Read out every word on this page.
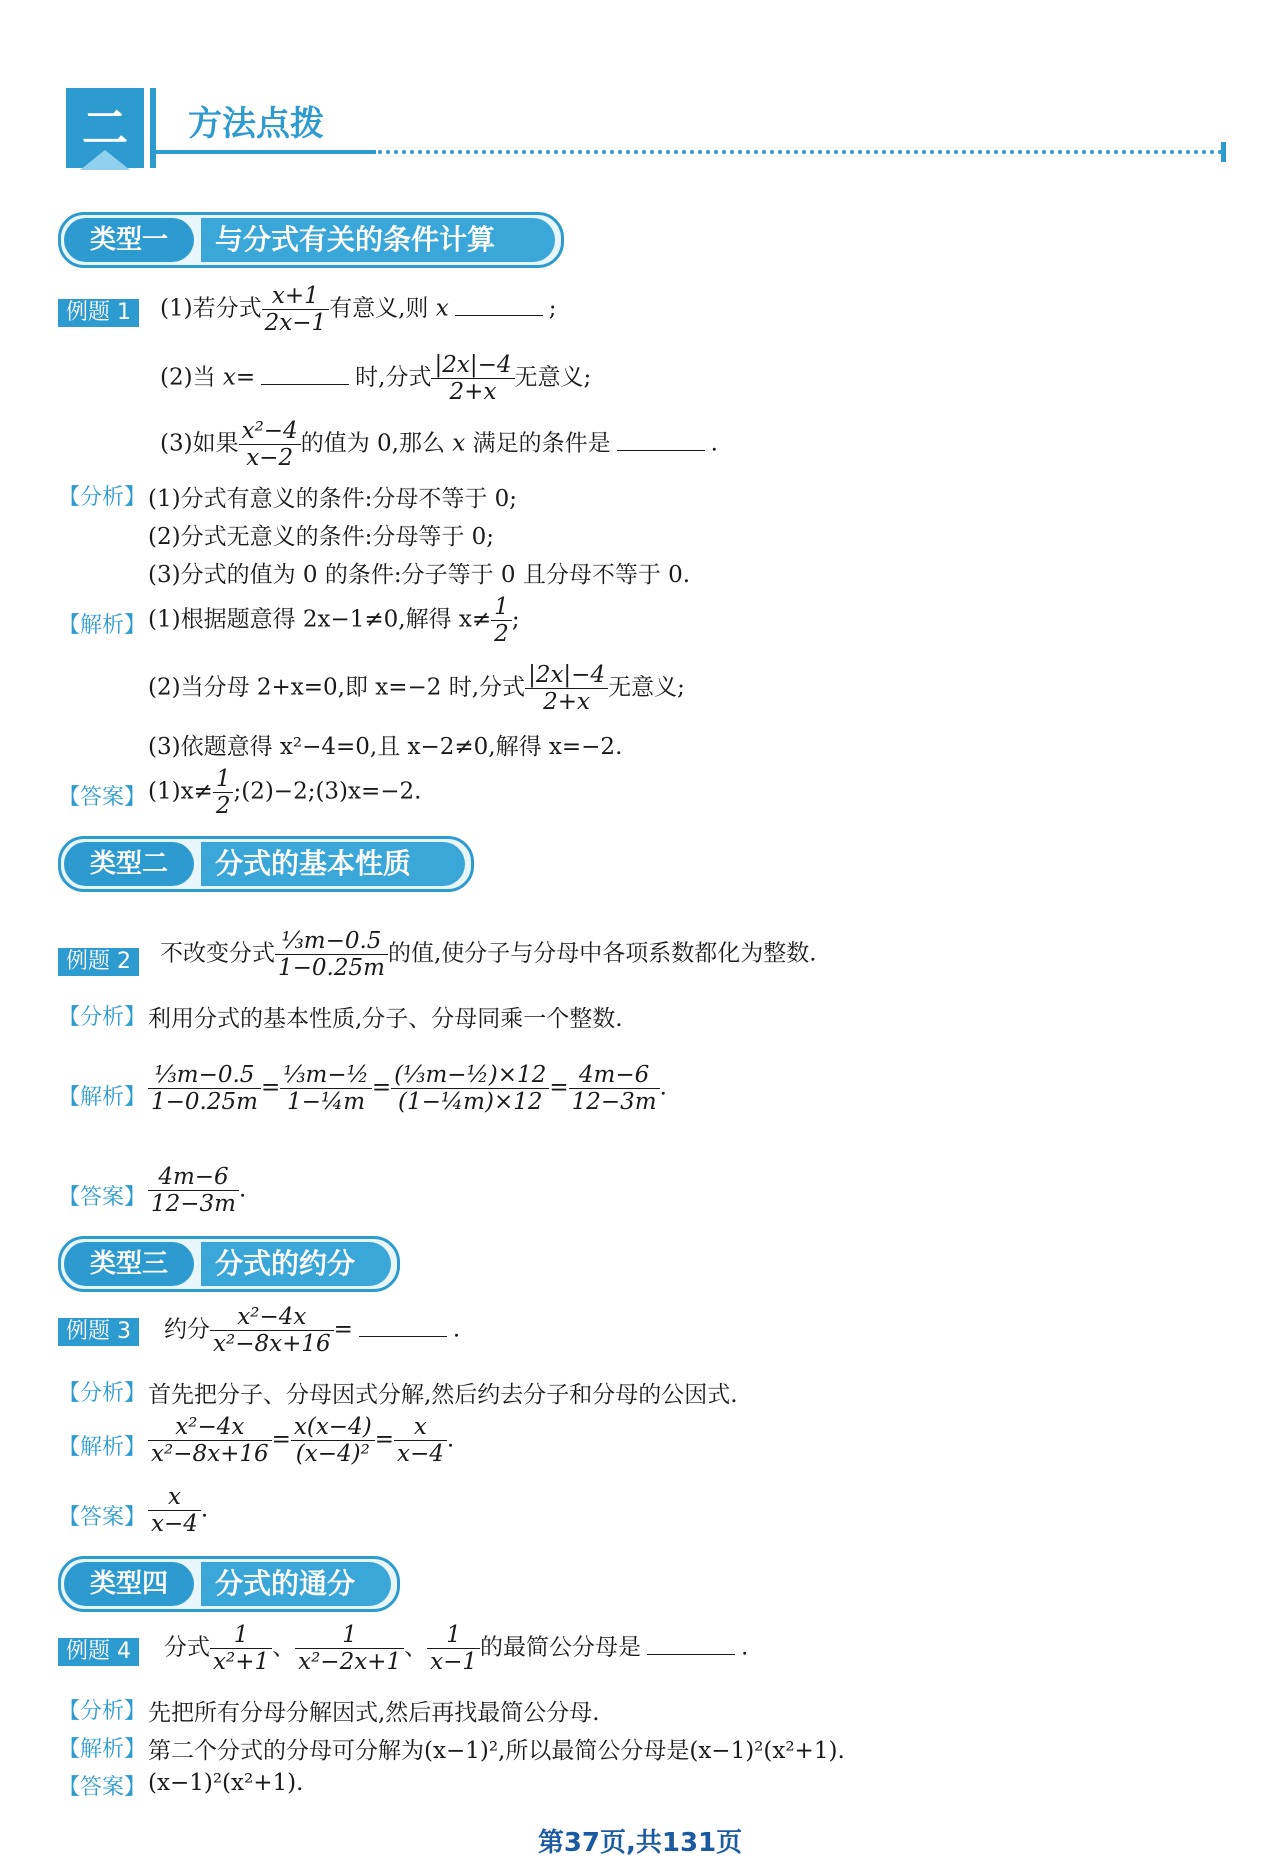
二	方法点拨
类型一	与分式有关的条件计算
例题 1	(1)若分式 $\frac{x+1}{2x-1}$ 有意义,则 x	;
(2)当 x=	时,分式 $\frac{|2x|-4}{2+x}$ 无意义;
(3)如果 $\frac{\text{x²−4}}{x-2}$ 的值为 0,那么 x 满足的条件是	.
【分析】 (1)分式有意义的条件:分母不等于 0;
(2)分式无意义的条件:分母等于 0;
(3)分式的值为 0 的条件:分子等于 0 且分母不等于 0.
【解析】 (1)根据题意得 2x−1≠0,解得 $x\ne \frac{1}{2}$ ;
(2)当分母 2+x=0,即 x=−2 时,分式 $\frac{|2x|-4}{2+x}$ 无意义;
(3)依题意得 x²−4=0,且 x−2≠0,解得 x=−2.
【答案】 $(1)x\ne \frac{1}{2}$ ;(2)−2;(3)x=−2.
类型二	分式的基本性质
例题 2	不改变分式 $\frac{\text{⅓m−0.5}}{1-0.25m}$ 的值,使分子与分母中各项系数都化为整数.
【分析】 利用分式的基本性质,分子、分母同乘一个整数.
【解析】 $\frac{\text{⅓m−0.5}}{1-0.25m} = \frac{\text{⅓m−½}}{\text{1−¼m}} = \frac{\text{(⅓m−½)×12}}{\text{(1−¼m)×12}} = \frac{4m-6}{12-3m}$ .
【答案】 $\frac{4m-6}{12-3m}$ .
类型三	分式的约分
例题 3	约分 $\frac{\text{x²−4x}}{\text{x²−8x+16}}$ =	.
【分析】 首先把分子、分母因式分解,然后约去分子和分母的公因式.
【解析】 $\frac{\text{x²−4x}}{\text{x²−8x+16}} = \frac{x(x-4)}{\text{(x−4)²}} = \frac{x}{x-4}$ .
【答案】 $\frac{x}{x-4}$ .
类型四	分式的通分
例题 4	分式 $\frac{1}{\text{x²+1}}$ 、 $\frac{1}{\text{x²−2x+1}}$ 、 $\frac{1}{x-1}$ 的最简公分母是	.
【分析】 先把所有分母分解因式,然后再找最简公分母.
【解析】 第二个分式的分母可分解为(x−1)²,所以最简公分母是(x−1)²(x²+1).
【答案】 (x−1)²(x²+1).
第37页,共131页
